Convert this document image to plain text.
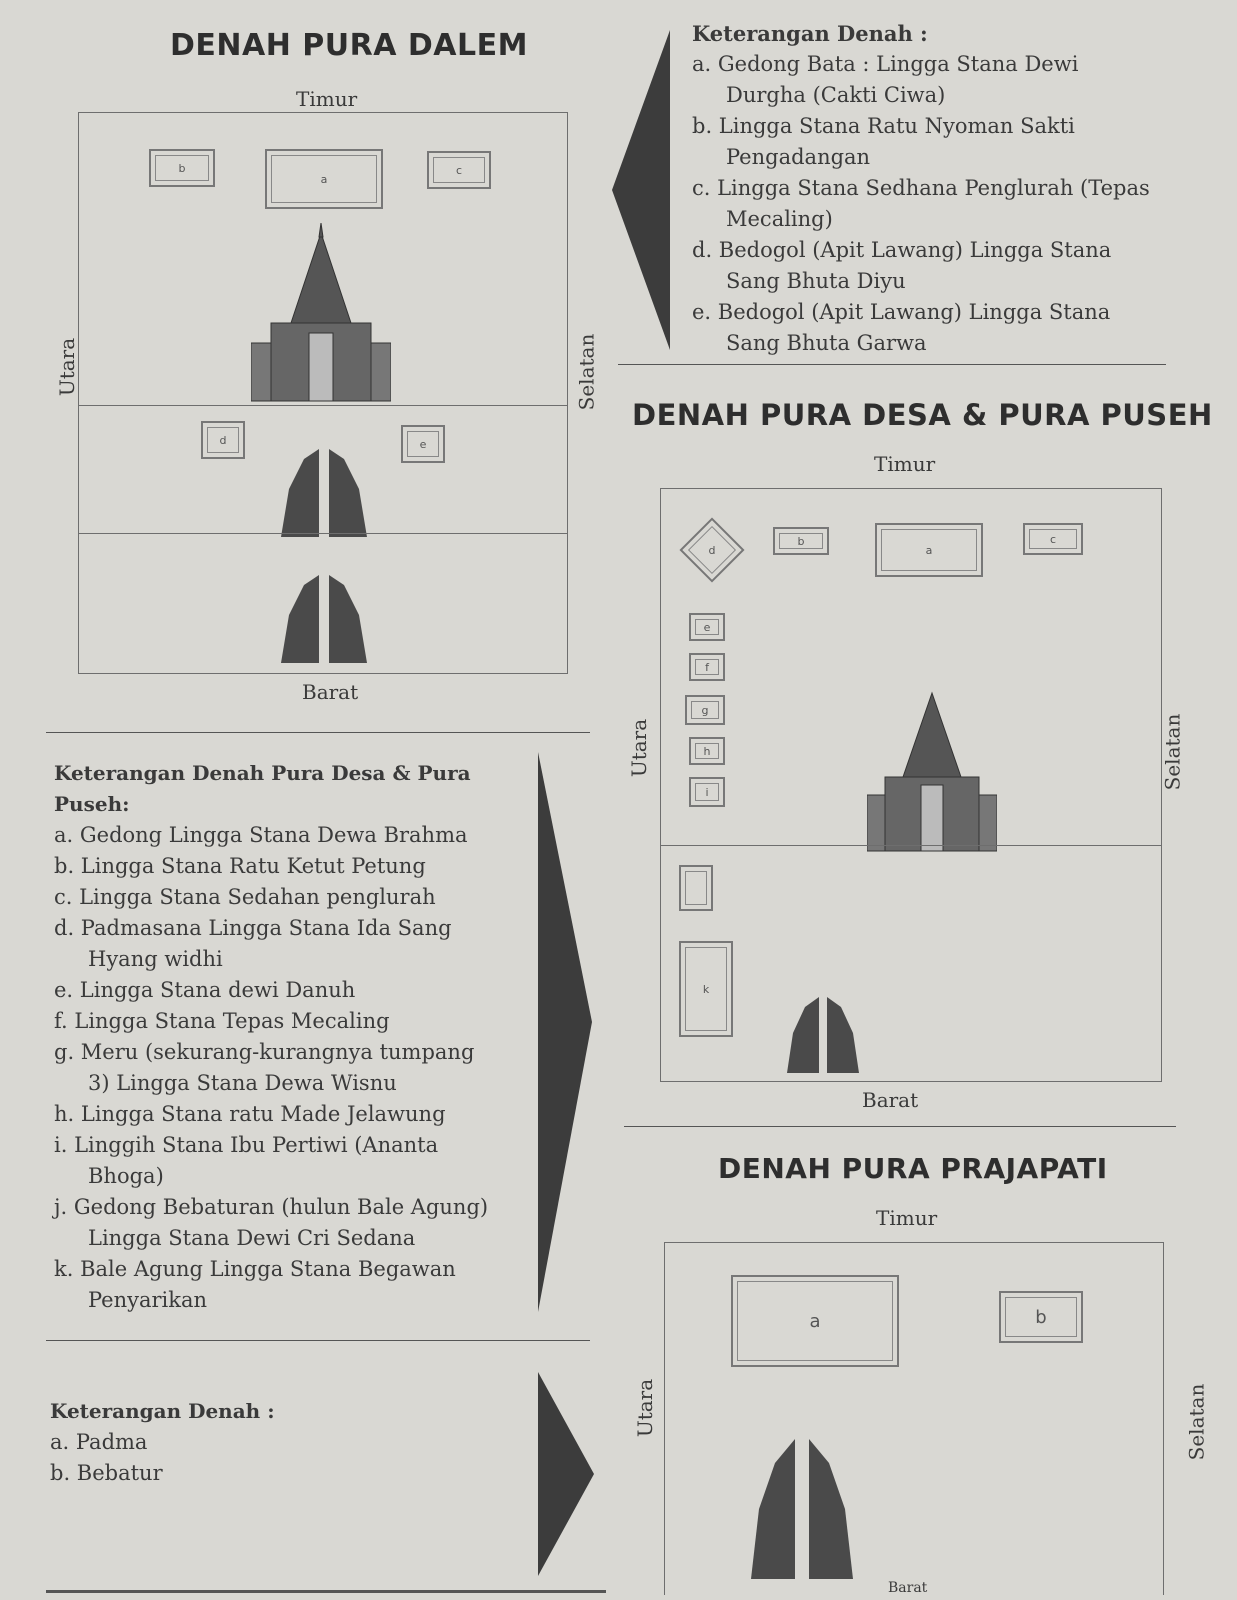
DENAH PURA DALEM
Timur
b
a
c
d	e
Utara	Selatan
Barat

Keterangan Denah :

a. Gedong Bata : Lingga Stana Dewi

Durgha (Cakti Ciwa)

b. Lingga Stana Ratu Nyoman Sakti

Pengadangan

c. Lingga Stana Sedhana Penglurah (Tepas

Mecaling)

d. Bedogol (Apit Lawang) Lingga Stana

Sang Bhuta Diyu

e. Bedogol (Apit Lawang) Lingga Stana

Sang Bhuta Garwa

DENAH PURA DESA & PURA PUSEH
Timur
d
b
a
c
e
f
g
h
i
k
Utara	Selatan
Barat

Keterangan Denah Pura Desa & Pura Puseh:

a. Gedong Lingga Stana Dewa Brahma

b. Lingga Stana Ratu Ketut Petung

c. Lingga Stana Sedahan penglurah

d. Padmasana Lingga Stana Ida Sang

Hyang widhi

e. Lingga Stana dewi Danuh

f. Lingga Stana Tepas Mecaling

g. Meru (sekurang-kurangnya tumpang

3) Lingga Stana Dewa Wisnu

h. Lingga Stana ratu Made Jelawung

i. Linggih Stana Ibu Pertiwi (Ananta

Bhoga)

j. Gedong Bebaturan (hulun Bale Agung)

Lingga Stana Dewi Cri Sedana

k. Bale Agung Lingga Stana Begawan

Penyarikan

DENAH PURA PRAJAPATI
Timur
a	b
Utara	Selatan
Barat

Keterangan Denah :

a. Padma

b. Bebatur
